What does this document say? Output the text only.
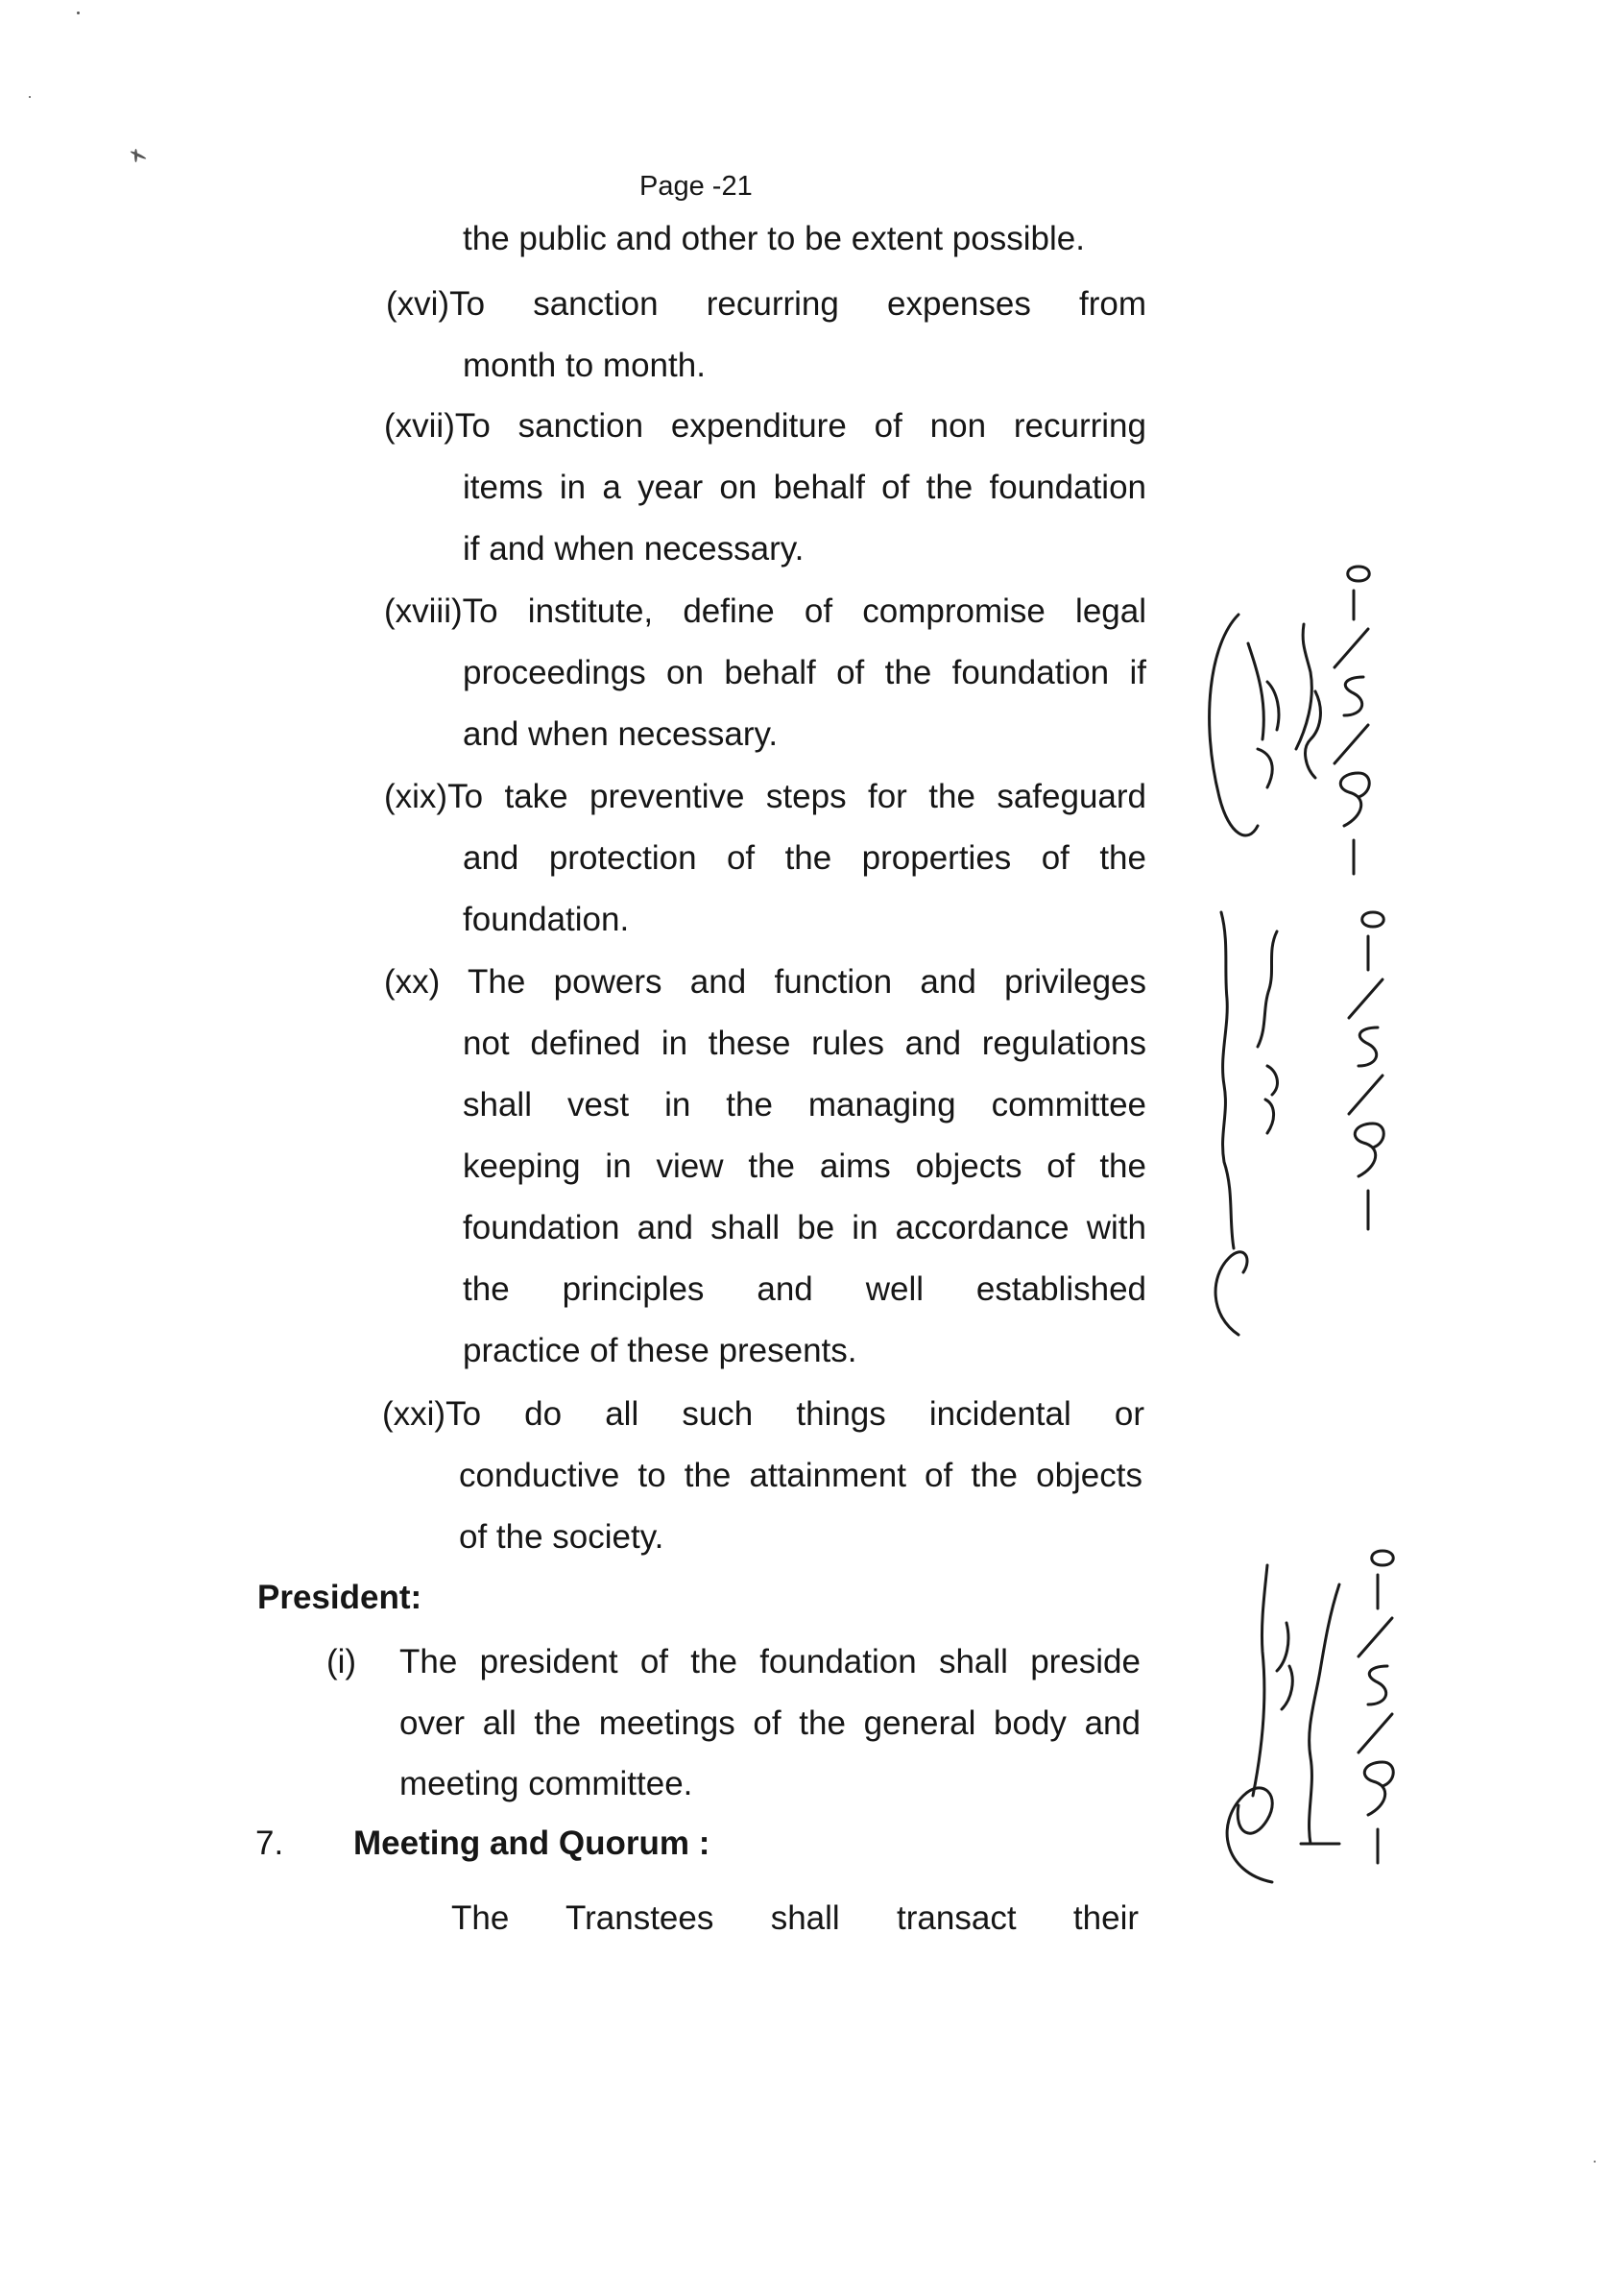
Page -21
the public and other to be extent possible.
(xvi)To sanction recurring expenses from
month to month.
(xvii)To sanction expenditure of non recurring
items in a year on behalf of the foundation
if and when necessary.
(xviii)To institute, define of compromise legal
proceedings on behalf of the foundation if
and when necessary.
(xix)To take preventive steps for the safeguard
and protection of the properties of the
foundation.
(xx) The powers and function and privileges
not defined in these rules and regulations
shall vest in the managing committee
keeping in view the aims objects of the
foundation and shall be in accordance with
the principles and well established
practice of these presents.
(xxi)To do all such things incidental or
conductive to the attainment of the objects
of the society.
President:
(i) The president of the foundation shall preside
over all the meetings of the general body and
meeting committee.
7. Meeting and Quorum :
The Transtees shall transact their
